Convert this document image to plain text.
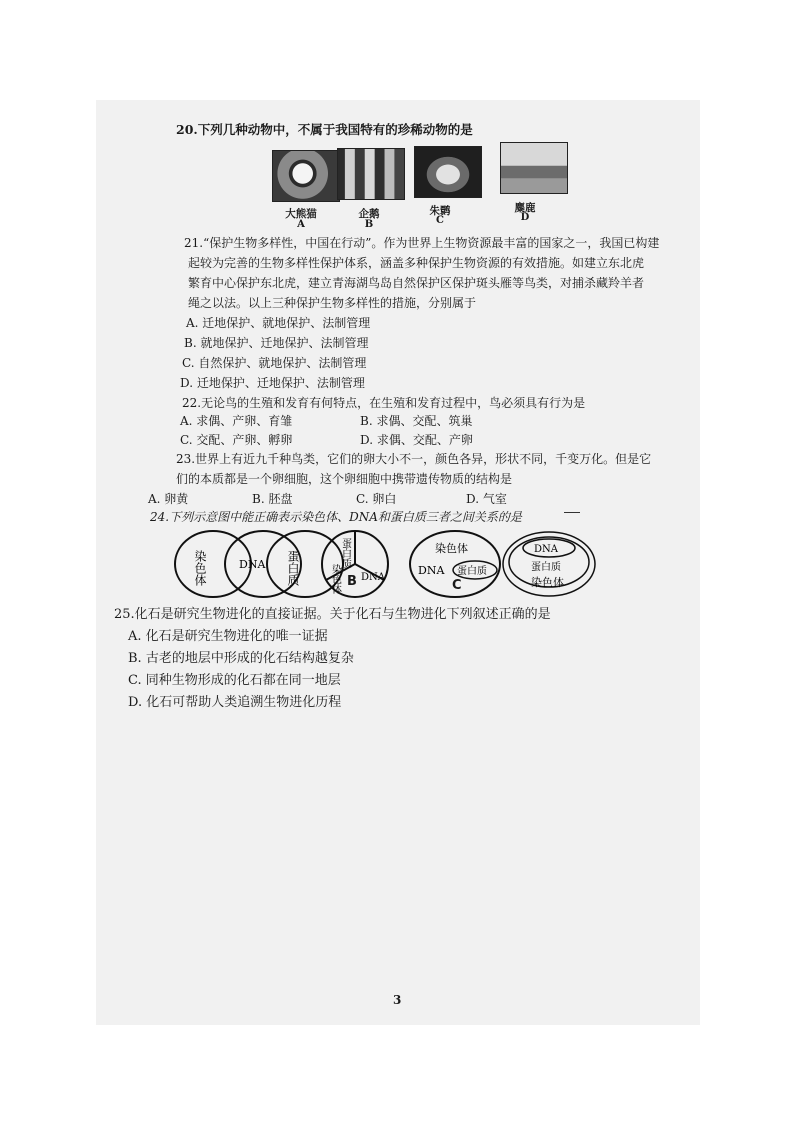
20.下列几种动物中，不属于我国特有的珍稀动物的是
大熊猫
A
企鹅
B
朱鹮
C
麋鹿
D
21.“保护生物多样性，中国在行动”。作为世界上生物资源最丰富的国家之一，我国已构建
起较为完善的生物多样性保护体系，涵盖多种保护生物资源的有效措施。如建立东北虎
繁育中心保护东北虎，建立青海湖鸟岛自然保护区保护斑头雁等鸟类，对捕杀藏羚羊者
绳之以法。以上三种保护生物多样性的措施，分别属于
A. 迁地保护、就地保护、法制管理
B. 就地保护、迁地保护、法制管理
C. 自然保护、就地保护、法制管理
D. 迁地保护、迁地保护、法制管理
22.无论鸟的生殖和发育有何特点，在生殖和发育过程中，鸟必须具有行为是
A. 求偶、产卵、育雏	B. 求偶、交配、筑巢
C. 交配、产卵、孵卵	D. 求偶、交配、产卵
23.世界上有近九千种鸟类，它们的卵大小不一，颜色各异，形状不同，千变万化。但是它
们的本质都是一个卵细胞，这个卵细胞中携带遗传物质的结构是
A. 卵黄	B. 胚盘	C. 卵白	D. 气室
24.下列示意图中能正确表示染色体、DNA和蛋白质三者之间关系的是
染色体	DNA 蛋白质	蛋白质
染色体 DNA
染色体
DNA 蛋白质
DNA
蛋白质
染色体
B	C
25.化石是研究生物进化的直接证据。关于化石与生物进化下列叙述正确的是
A. 化石是研究生物进化的唯一证据
B. 古老的地层中形成的化石结构越复杂
C. 同种生物形成的化石都在同一地层
D. 化石可帮助人类追溯生物进化历程
3
